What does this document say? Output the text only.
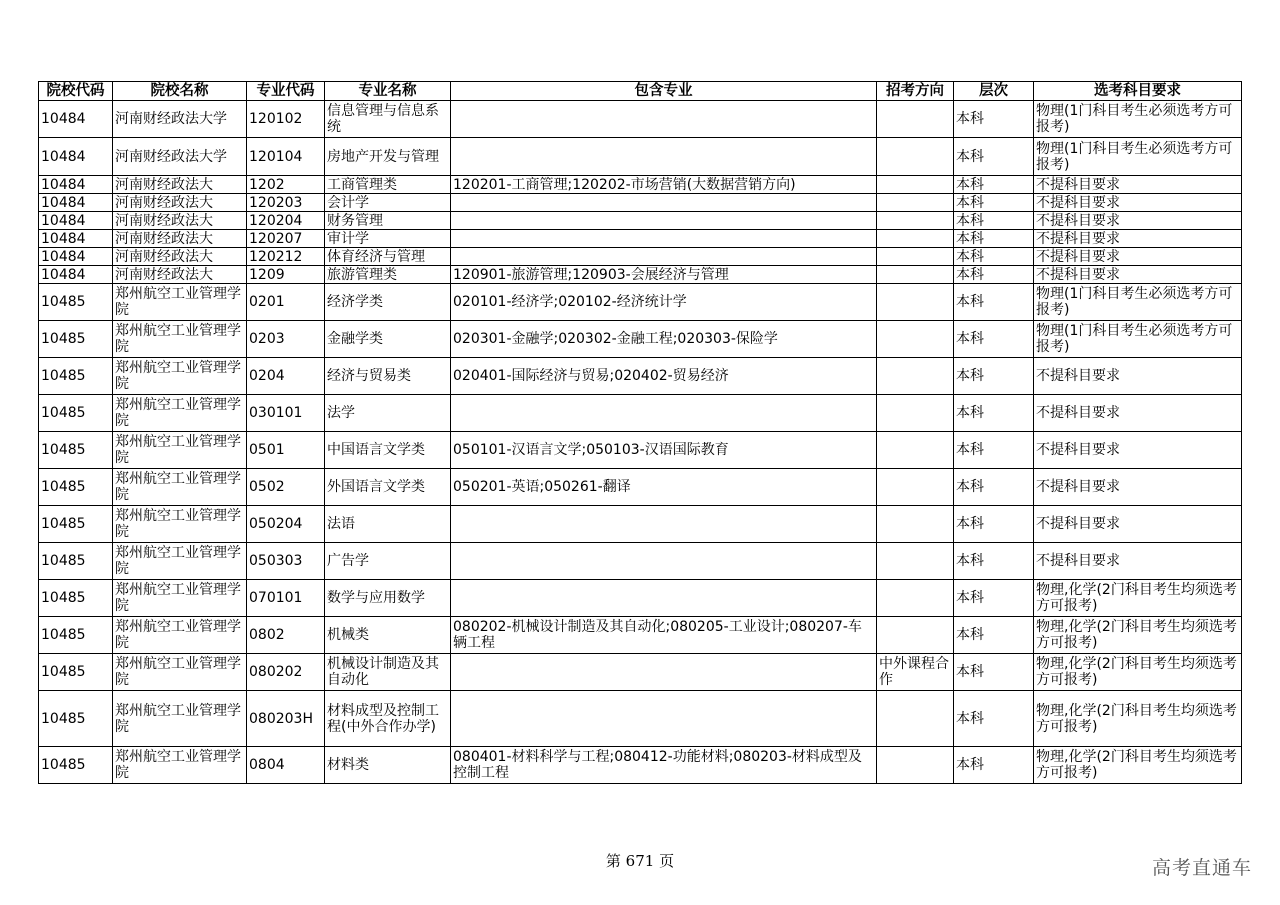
院校代码	院校名称	专业代码	专业名称	包含专业	招考方向	层次	选考科目要求
10484	河南财经政法大学	120102	信息管理与信息系统			本科	物理(1门科目考生必须选考方可报考)
10484	河南财经政法大学	120104	房地产开发与管理			本科	物理(1门科目考生必须选考方可报考)
10484	河南财经政法大	1202	工商管理类	120201-工商管理;120202-市场营销(大数据营销方向)		本科	不提科目要求
10484	河南财经政法大	120203	会计学			本科	不提科目要求
10484	河南财经政法大	120204	财务管理			本科	不提科目要求
10484	河南财经政法大	120207	审计学			本科	不提科目要求
10484	河南财经政法大	120212	体育经济与管理			本科	不提科目要求
10484	河南财经政法大	1209	旅游管理类	120901-旅游管理;120903-会展经济与管理		本科	不提科目要求
10485	郑州航空工业管理学院	0201	经济学类	020101-经济学;020102-经济统计学		本科	物理(1门科目考生必须选考方可报考)
10485	郑州航空工业管理学院	0203	金融学类	020301-金融学;020302-金融工程;020303-保险学		本科	物理(1门科目考生必须选考方可报考)
10485	郑州航空工业管理学院	0204	经济与贸易类	020401-国际经济与贸易;020402-贸易经济		本科	不提科目要求
10485	郑州航空工业管理学院	030101	法学			本科	不提科目要求
10485	郑州航空工业管理学院	0501	中国语言文学类	050101-汉语言文学;050103-汉语国际教育		本科	不提科目要求
10485	郑州航空工业管理学院	0502	外国语言文学类	050201-英语;050261-翻译		本科	不提科目要求
10485	郑州航空工业管理学院	050204	法语			本科	不提科目要求
10485	郑州航空工业管理学院	050303	广告学			本科	不提科目要求
10485	郑州航空工业管理学院	070101	数学与应用数学			本科	物理,化学(2门科目考生均须选考方可报考)
10485	郑州航空工业管理学院	0802	机械类	080202-机械设计制造及其自动化;080205-工业设计;080207-车辆工程		本科	物理,化学(2门科目考生均须选考方可报考)
10485	郑州航空工业管理学院	080202	机械设计制造及其自动化		中外课程合作	本科	物理,化学(2门科目考生均须选考方可报考)
10485	郑州航空工业管理学院	080203H	材料成型及控制工程(中外合作办学)			本科	物理,化学(2门科目考生均须选考方可报考)
10485	郑州航空工业管理学院	0804	材料类	080401-材料科学与工程;080412-功能材料;080203-材料成型及控制工程		本科	物理,化学(2门科目考生均须选考方可报考)
第 671 页	高考直通车
